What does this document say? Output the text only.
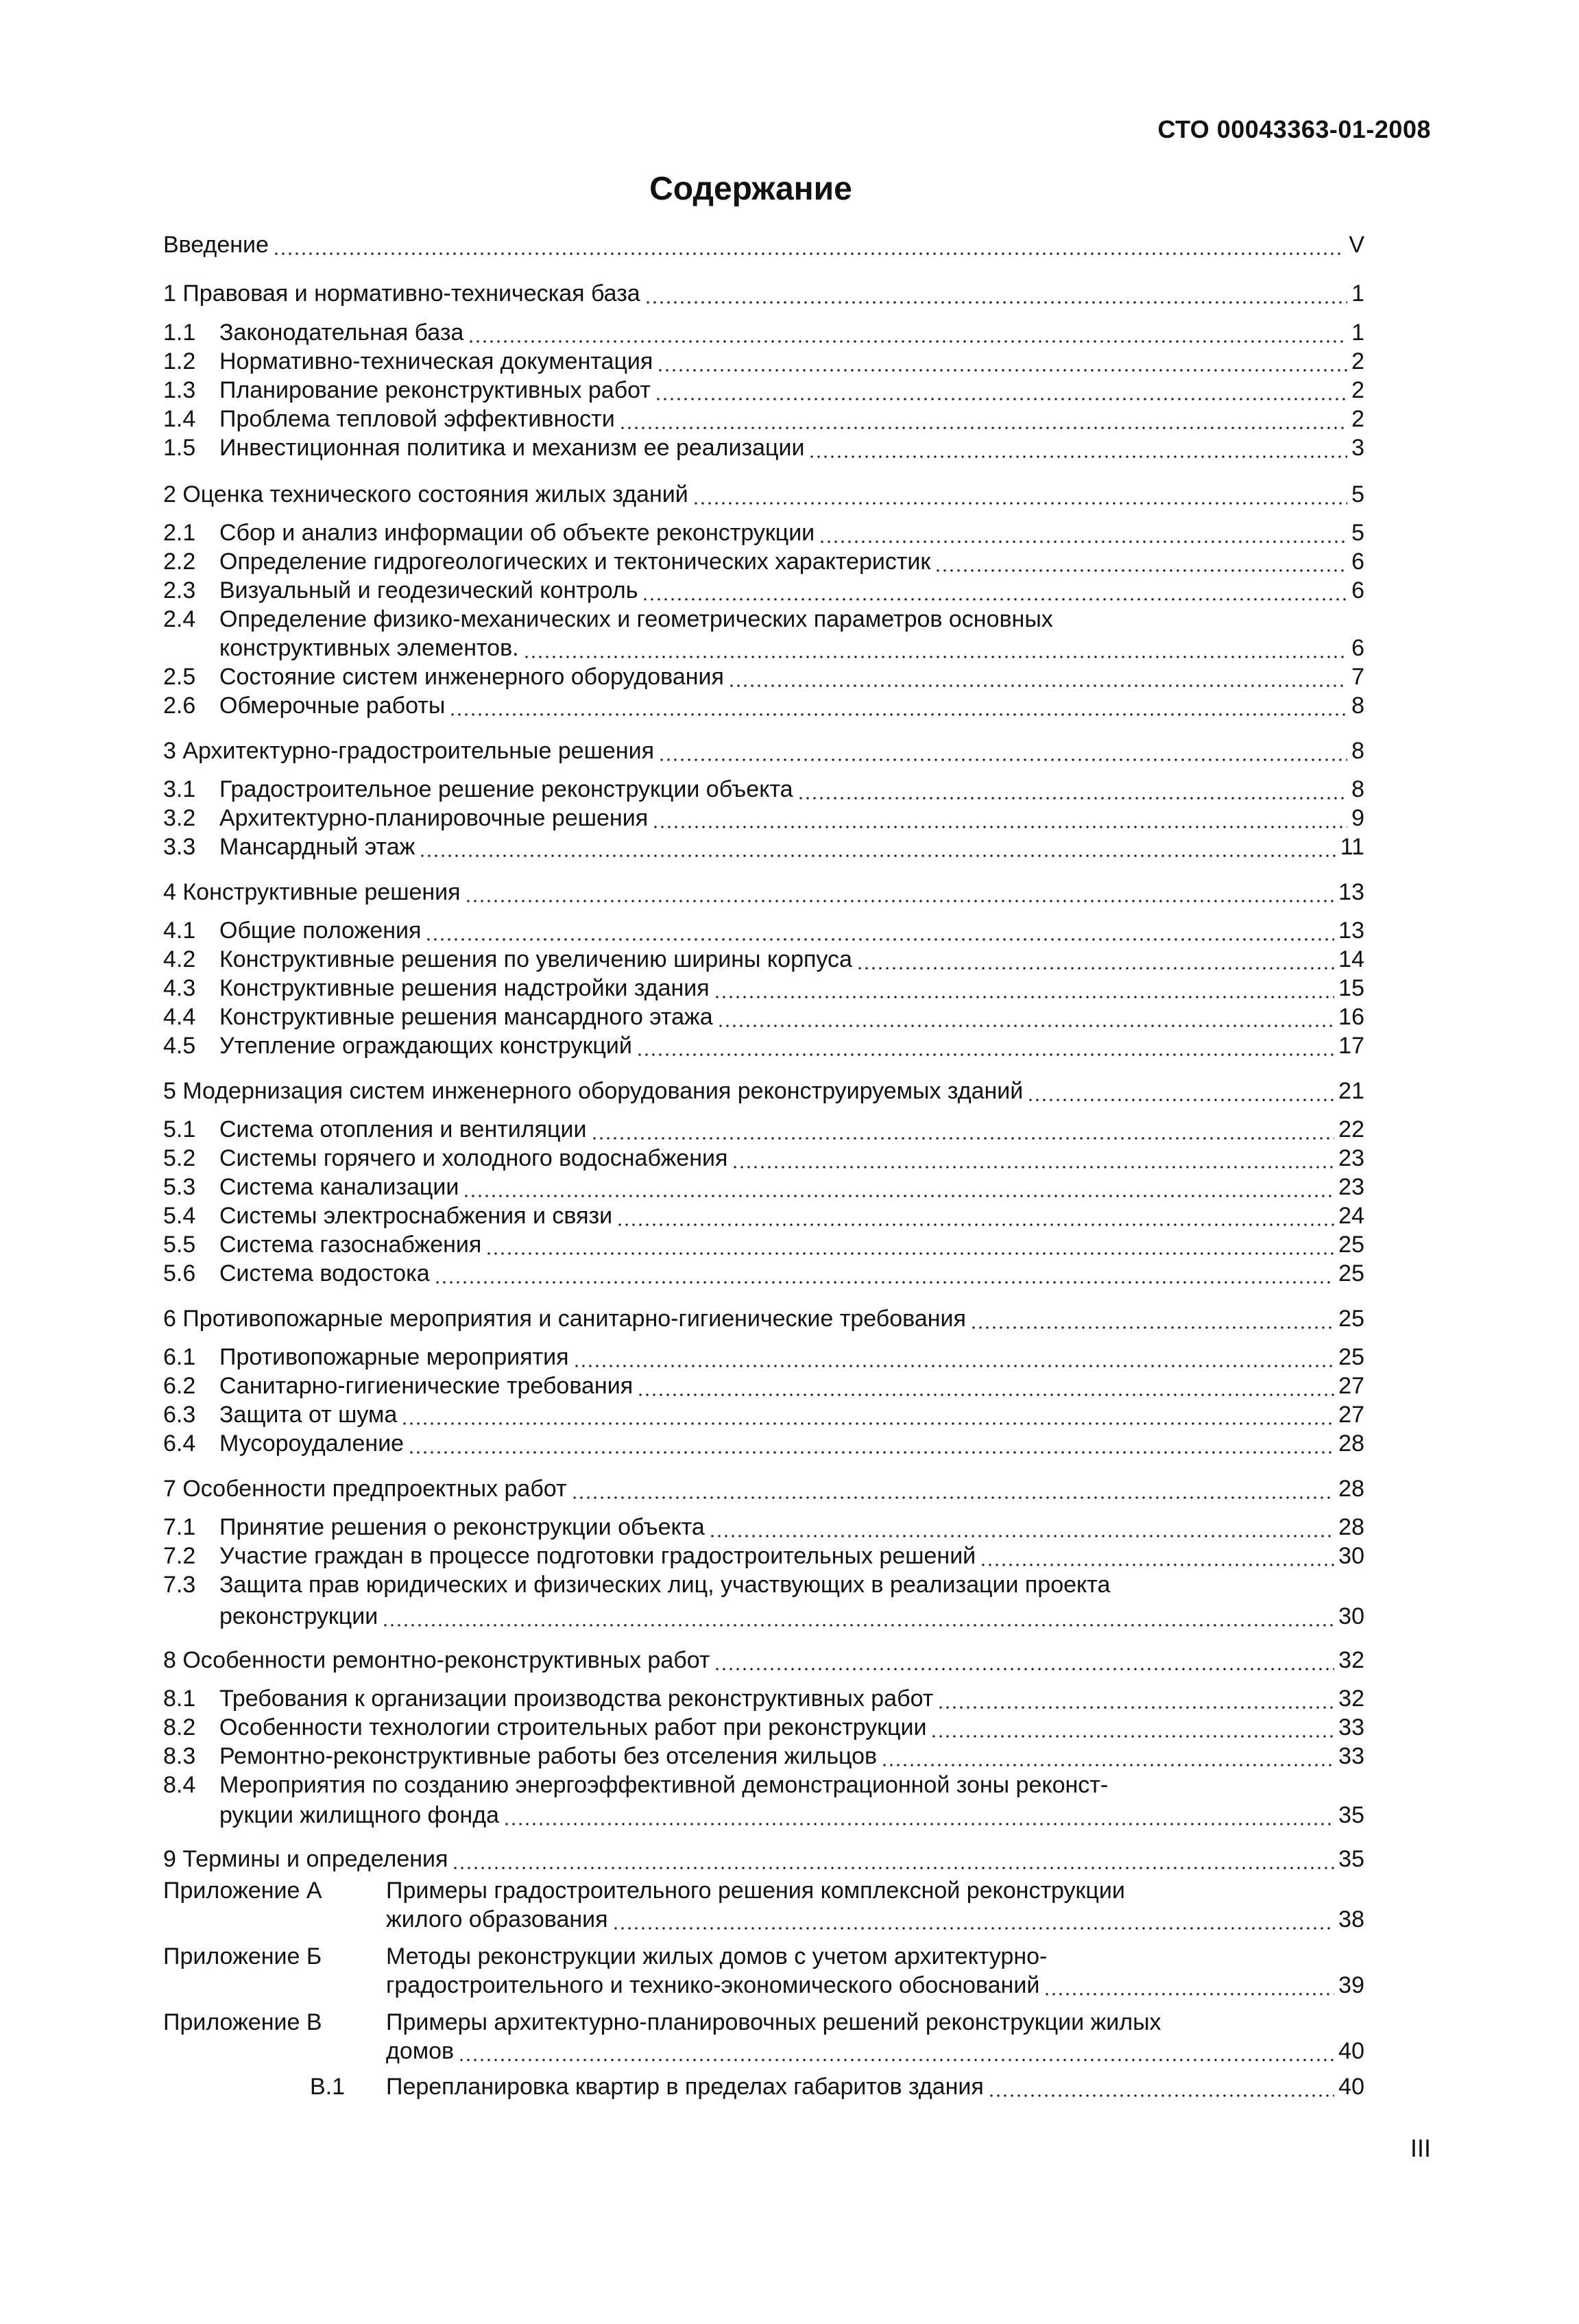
СТО 00043363-01-2008
Содержание
Введение	V
1 Правовая и нормативно-техническая база	1
1.1	Законодательная база	1
1.2	Нормативно-техническая документация	2
1.3	Планирование реконструктивных работ	2
1.4	Проблема тепловой эффективности	2
1.5	Инвестиционная политика и механизм ее реализации	3
2 Оценка технического состояния жилых зданий	5
2.1	Сбор и анализ информации об объекте реконструкции	5
2.2	Определение гидрогеологических и тектонических характеристик	6
2.3	Визуальный и геодезический контроль	6
2.4	Определение физико-механических и геометрических параметров основных
конструктивных элементов.	6
2.5	Состояние систем инженерного оборудования	7
2.6	Обмерочные работы	8
3 Архитектурно-градостроительные решения	8
3.1	Градостроительное решение реконструкции объекта	8
3.2	Архитектурно-планировочные решения	9
3.3	Мансардный этаж	11
4 Конструктивные решения	13
4.1	Общие положения	13
4.2	Конструктивные решения по увеличению ширины корпуса	14
4.3	Конструктивные решения надстройки здания	15
4.4	Конструктивные решения мансардного этажа	16
4.5	Утепление ограждающих конструкций	17
5 Модернизация систем инженерного оборудования реконструируемых зданий	21
5.1	Система отопления и вентиляции	22
5.2	Системы горячего и холодного водоснабжения	23
5.3	Система канализации	23
5.4	Системы электроснабжения и связи	24
5.5	Система газоснабжения	25
5.6	Система водостока	25
6 Противопожарные мероприятия и санитарно-гигиенические требования	25
6.1	Противопожарные мероприятия	25
6.2	Санитарно-гигиенические требования	27
6.3	Защита от шума	27
6.4	Мусороудаление	28
7 Особенности предпроектных работ	28
7.1	Принятие решения о реконструкции объекта	28
7.2	Участие граждан в процессе подготовки градостроительных решений	30
7.3	Защита прав юридических и физических лиц, участвующих в реализации проекта
реконструкции	30
8 Особенности ремонтно-реконструктивных работ	32
8.1	Требования к организации производства реконструктивных работ	32
8.2	Особенности технологии строительных работ при реконструкции	33
8.3	Ремонтно-реконструктивные работы без отселения жильцов	33
8.4	Мероприятия по созданию энергоэффективной демонстрационной зоны реконст-
рукции жилищного фонда	35
9 Термины и определения	35
Приложение А	Примеры градостроительного решения комплексной реконструкции
жилого образования	38
Приложение Б	Методы реконструкции жилых домов с учетом архитектурно-
градостроительного и технико-экономического обоснований	39
Приложение В	Примеры архитектурно-планировочных решений реконструкции жилых
домов	40
В.1	Перепланировка квартир в пределах габаритов здания	40
III
